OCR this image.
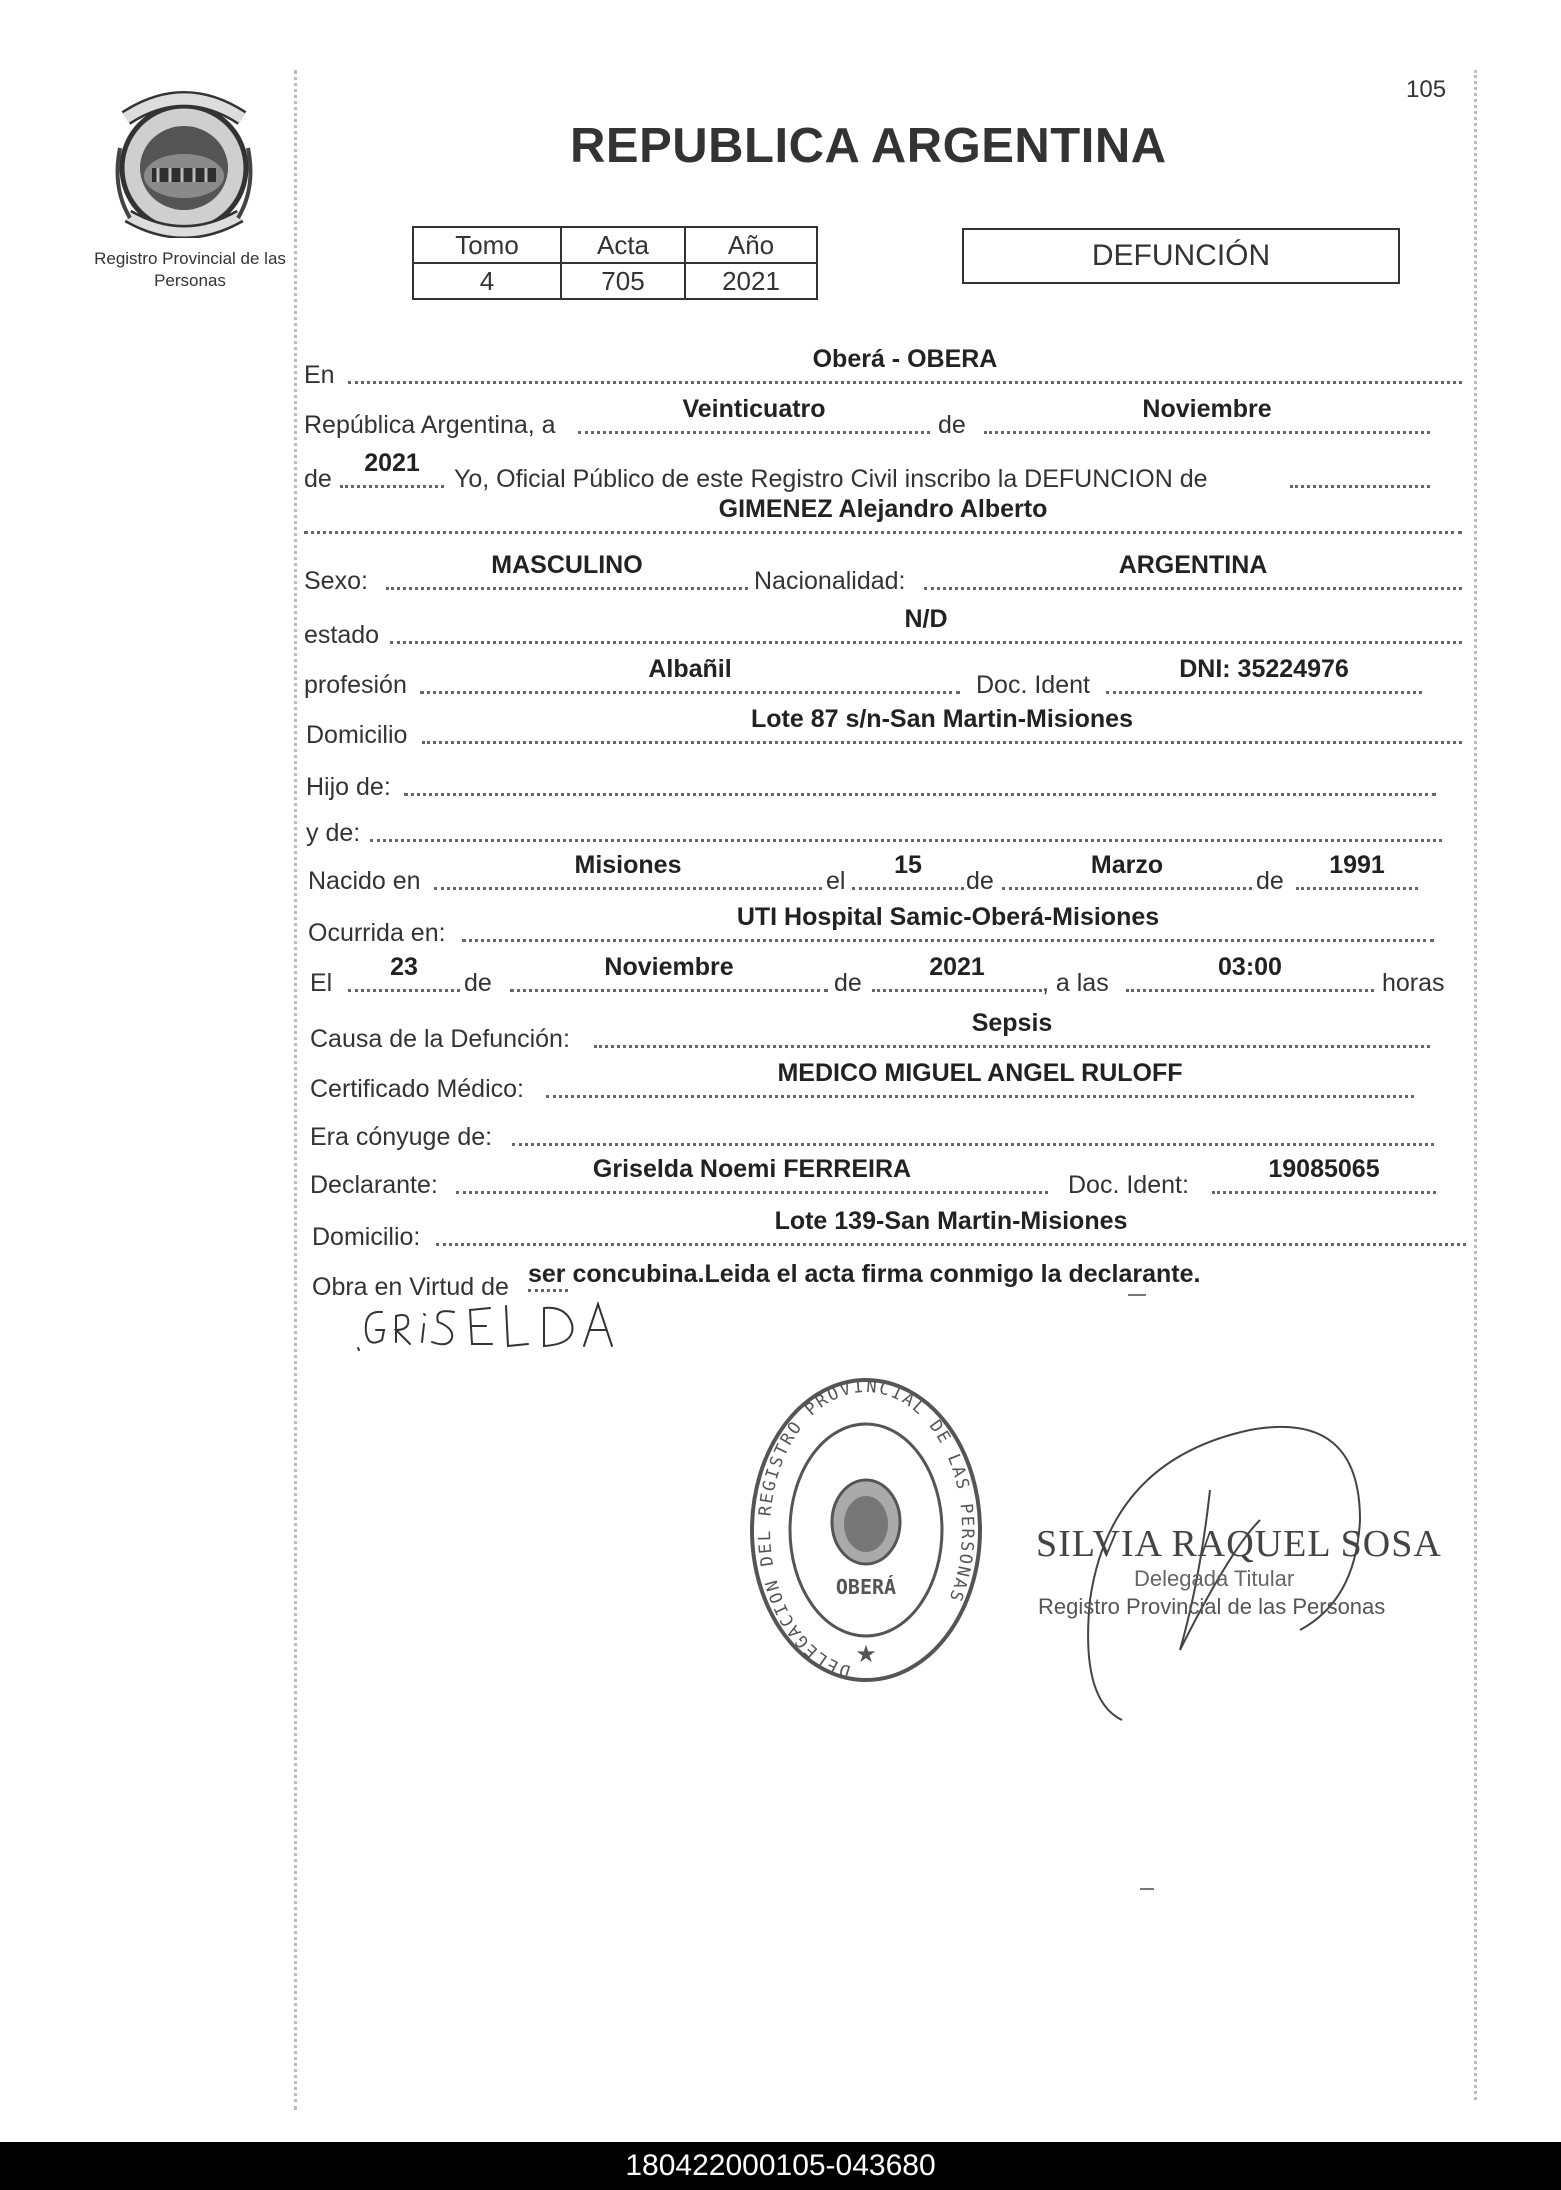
105
Registro Provincial de las Personas
REPUBLICA ARGENTINA
Tomo	Acta	Año
4	705	2021
DEFUNCIÓN
En
Oberá - OBERA
República Argentina, a
Veinticuatro
de
Noviembre
de
2021
Yo, Oficial Público de este Registro Civil inscribo la DEFUNCION de
GIMENEZ Alejandro Alberto
Sexo:
MASCULINO
Nacionalidad:
ARGENTINA
estado
N/D
profesión
Albañil
Doc. Ident
DNI: 35224976
Domicilio
Lote 87 s/n-San Martin-Misiones
Hijo de:
y de:
Nacido en
Misiones
el
15
de
Marzo
de
1991
Ocurrida en:
UTI Hospital Samic-Oberá-Misiones
El
23
de
Noviembre
de
2021
, a las
03:00
horas
Causa de la Defunción:
Sepsis
Certificado Médico:
MEDICO MIGUEL ANGEL RULOFF
Era cónyuge de:
Declarante:
Griselda Noemi FERREIRA
Doc. Ident:
19085065
Domicilio:
Lote 139-San Martin-Misiones
Obra en Virtud de ser concubina.Leida el acta firma conmigo la declarante.
DELEGACION DEL REGISTRO PROVINCIAL DE LAS PERSONAS
OBERÁ
★
SILVIA RAQUEL SOSA
Delegada Titular
Registro Provincial de las Personas
180422000105-043680
